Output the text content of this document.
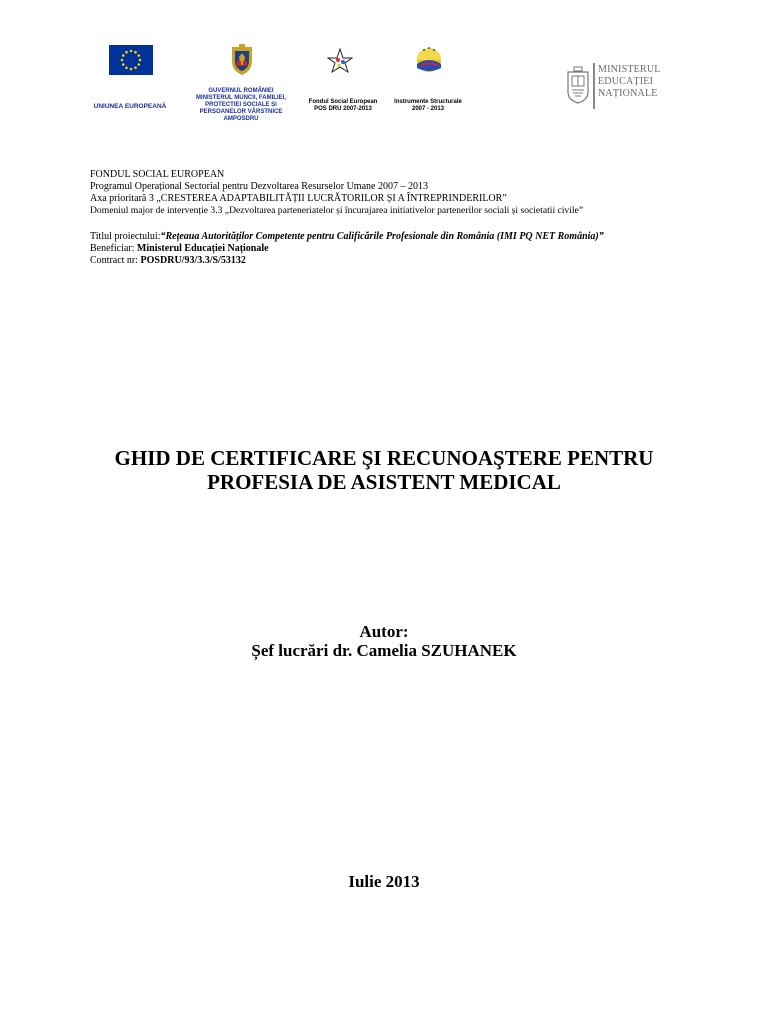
UNIUNEA EUROPEANĂ
GUVERNUL ROMÂNIEI
MINISTERUL MUNCII, FAMILIEI,
PROTECȚIEI SOCIALE ȘI
PERSOANELOR VÂRSTNICE
AMPOSDRU
Fondul Social European
POS DRU 2007-2013
Instrumente Structurale
2007 - 2013
MINISTERUL
EDUCAȚIEI
NAȚIONALE
FONDUL SOCIAL EUROPEAN
Programul Operațional Sectorial pentru Dezvoltarea Resurselor Umane 2007 – 2013
Axa prioritară 3 „CRESTEREA ADAPTABILITĂȚII LUCRĂTORILOR ȘI A ÎNTREPRINDERILOR”
Domeniul major de intervenție 3.3 „Dezvoltarea parteneriatelor și încurajarea initiativelor partenerilor sociali și societatii civile”
Titlul proiectului:“Rețeaua Autorităților Competente pentru Calificările Profesionale din România (IMI PQ NET România)”
Beneficiar: Ministerul Educației Naționale
Contract nr: POSDRU/93/3.3/S/53132
GHID DE CERTIFICARE ŞI RECUNOAŞTERE PENTRU
PROFESIA DE ASISTENT MEDICAL
Autor:
Șef lucrări dr. Camelia SZUHANEK
Iulie 2013
